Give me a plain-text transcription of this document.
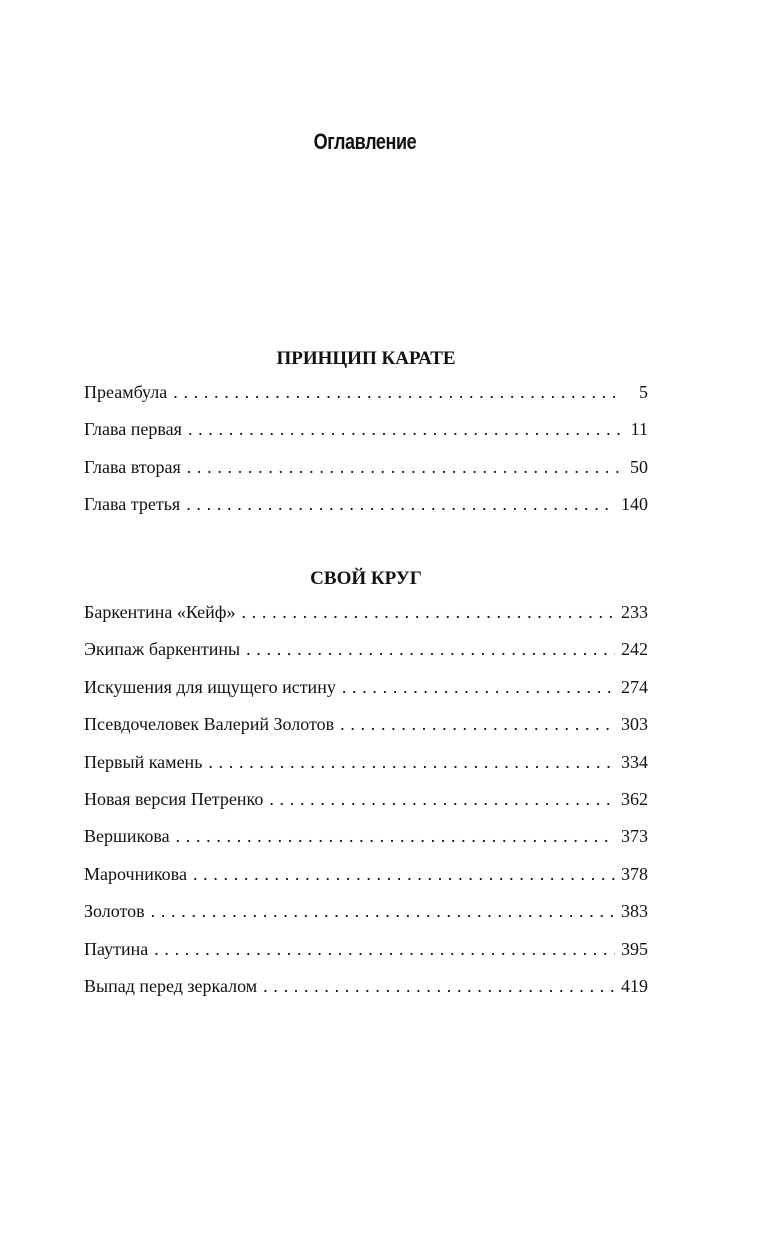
Оглавление
ПРИНЦИП КАРАТЕ
Преамбула . . .	5
Глава первая . . .	11
Глава вторая . . .	50
Глава третья . . .	140
СВОЙ КРУГ
Баркентина «Кейф» . . .	233
Экипаж баркентины . . .	242
Искушения для ищущего истину . . .	274
Псевдочеловек Валерий Золотов . . .	303
Первый камень . . .	334
Новая версия Петренко . . .	362
Вершикова . . .	373
Марочникова . . .	378
Золотов . . .	383
Паутина . . .	395
Выпад перед зеркалом . . .	419
